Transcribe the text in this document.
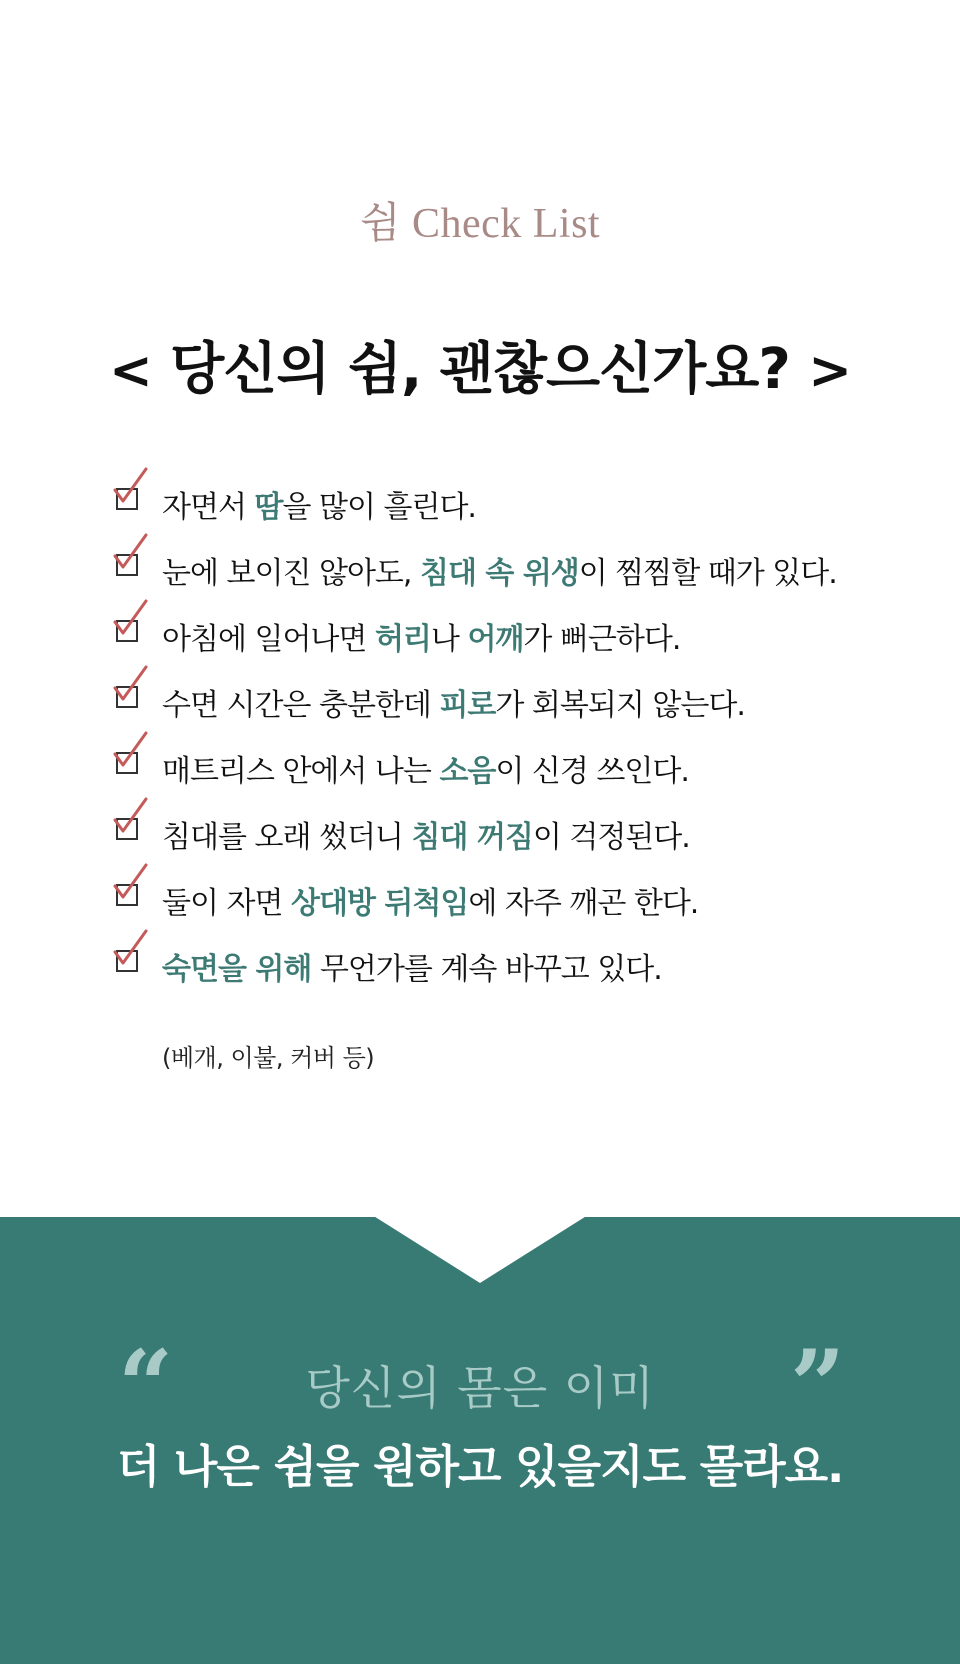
쉼 Check List
< 당신의 쉼, 괜찮으신가요? >
자면서 땀을 많이 흘린다.
눈에 보이진 않아도, 침대 속 위생이 찜찜할 때가 있다.
아침에 일어나면 허리나 어깨가 뻐근하다.
수면 시간은 충분한데 피로가 회복되지 않는다.
매트리스 안에서 나는 소음이 신경 쓰인다.
침대를 오래 썼더니 침대 꺼짐이 걱정된다.
둘이 자면 상대방 뒤척임에 자주 깨곤 한다.
숙면을 위해 무언가를 계속 바꾸고 있다.
(베개, 이불, 커버 등)
“	”
당신의 몸은 이미
더 나은 쉼을 원하고 있을지도 몰라요.
